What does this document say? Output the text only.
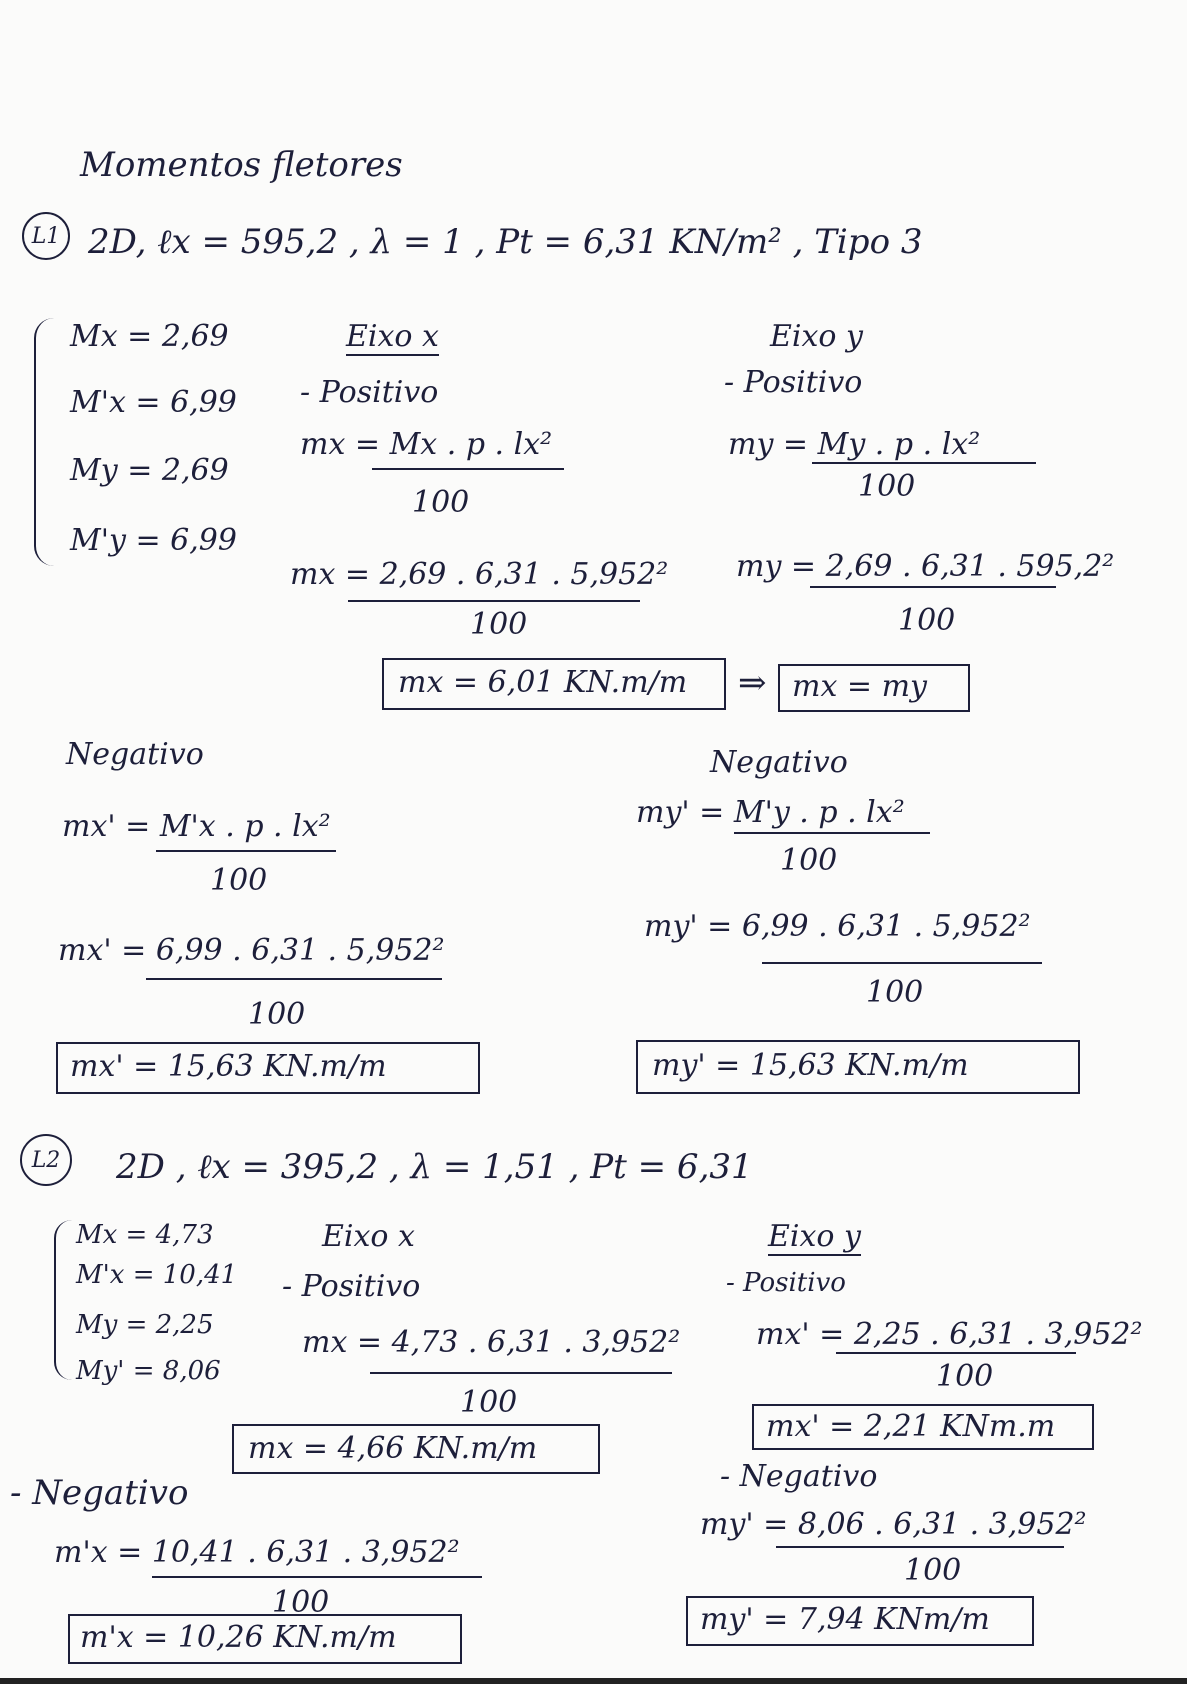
Momentos fletores
L1 2D, ℓx = 595,2 , λ = 1 , Pt = 6,31 KN/m² , Tipo 3
Mx = 2,69
M'x = 6,99
My = 2,69
M'y = 6,99
Eixo x
- Positivo
mx = Mx . p . lx²
100
mx = 2,69 . 6,31 . 5,952²
100
mx = 6,01 KN.m/m
Eixo y
- Positivo
my = My . p . lx²
100
my = 2,69 . 6,31 . 595,2²
100
⇒ mx = my
Negativo
mx' = M'x . p . lx²
100
mx' = 6,99 . 6,31 . 5,952²
100
mx' = 15,63 KN.m/m
Negativo
my' = M'y . p . lx²
100
my' = 6,99 . 6,31 . 5,952²
100
my' = 15,63 KN.m/m
L2	2D , ℓx = 395,2 , λ = 1,51 , Pt = 6,31
Mx = 4,73
M'x = 10,41
My = 2,25
My' = 8,06
Eixo x
- Positivo
mx = 4,73 . 6,31 . 3,952²
100
mx = 4,66 KN.m/m
Eixo y
- Positivo
mx' = 2,25 . 6,31 . 3,952²
100
mx' = 2,21 KNm.m
- Negativo
m'x = 10,41 . 6,31 . 3,952²
100
m'x = 10,26 KN.m/m
- Negativo
my' = 8,06 . 6,31 . 3,952²
100
my' = 7,94 KNm/m
